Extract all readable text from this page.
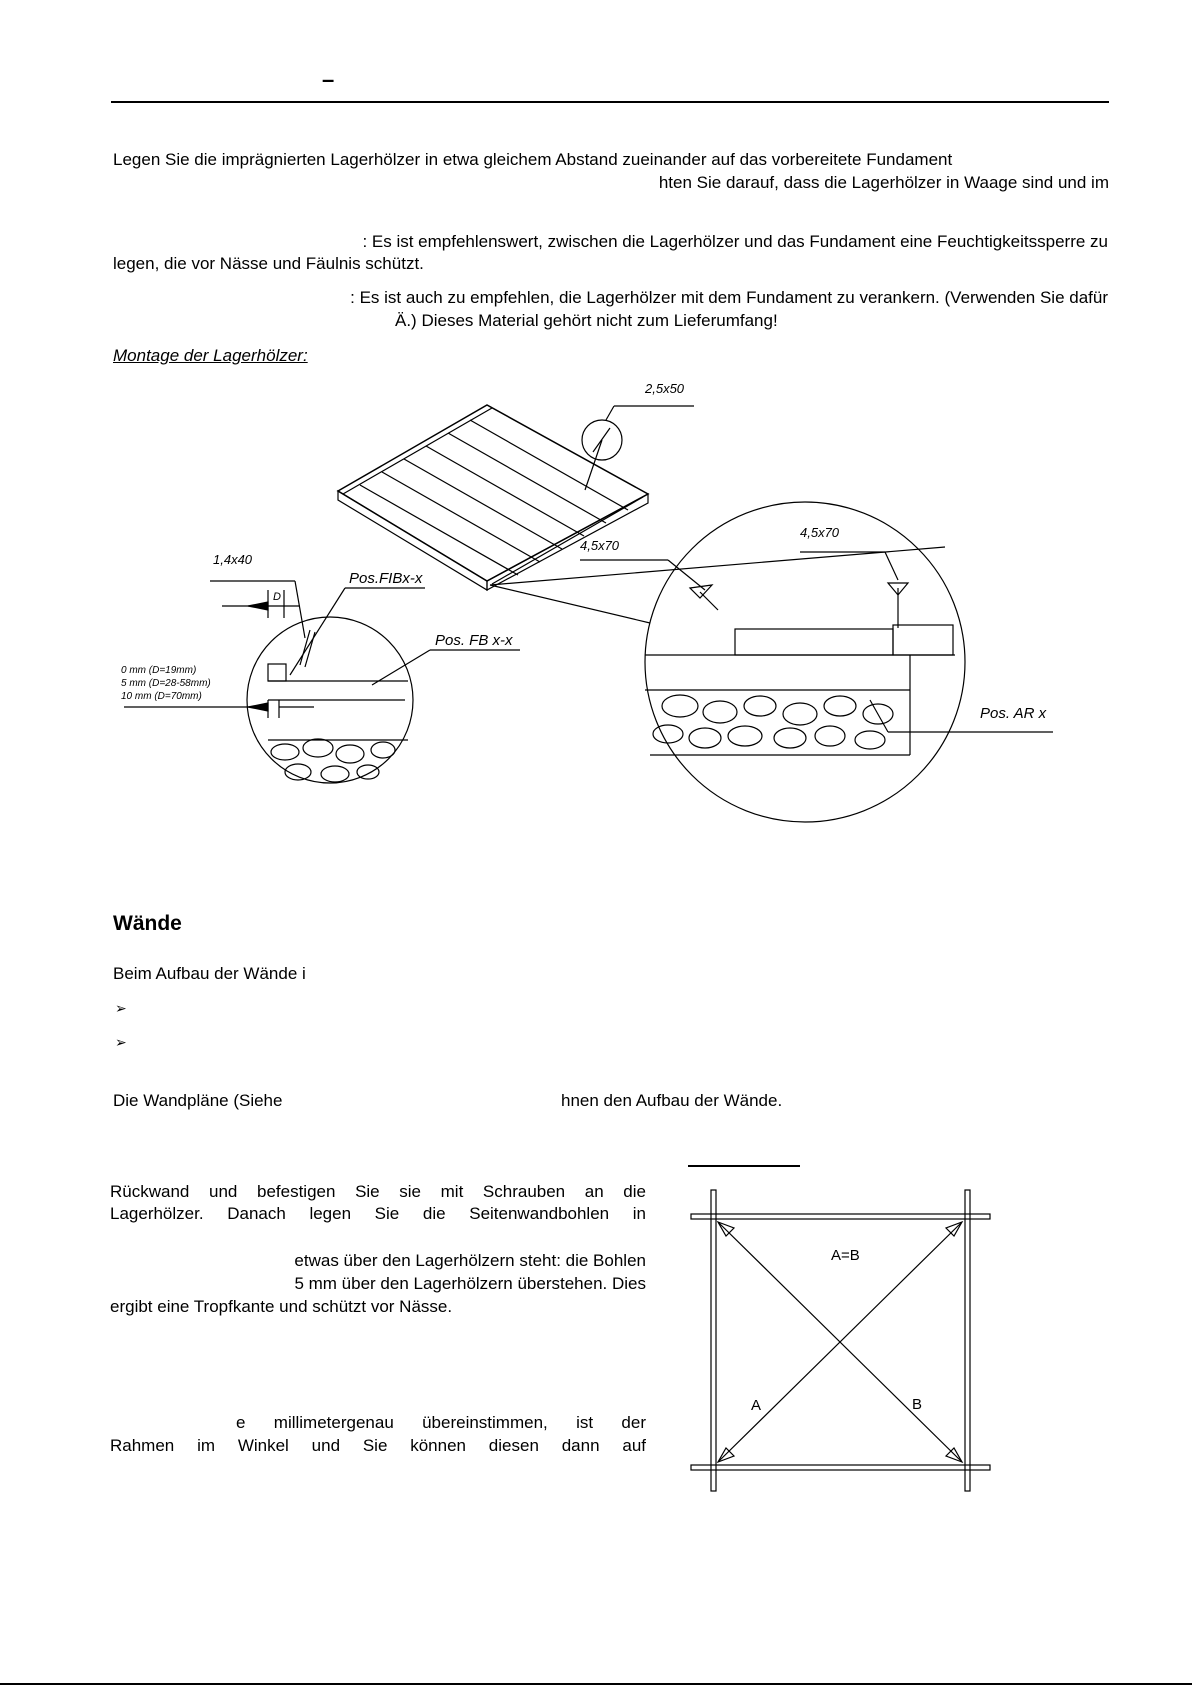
–
Legen Sie die imprägnierten Lagerhölzer in etwa gleichem Abstand zueinander auf das vorbereitete Fundament
hten Sie darauf, dass die Lagerhölzer in Waage sind und im
: Es ist empfehlenswert, zwischen die Lagerhölzer und das Fundament eine Feuchtigkeitssperre zu
legen, die vor Nässe und Fäulnis schützt.
: Es ist auch zu empfehlen, die Lagerhölzer mit dem Fundament zu verankern. (Verwenden Sie dafür
Ä.) Dieses Material gehört nicht zum Lieferumfang!
Montage der Lagerhölzer:
2,5x50
1,4x40
4,5x70
4,5x70
Pos.FIBx-x
Pos. FB x-x
Pos. AR x
D
0 mm (D=19mm)
5 mm (D=28-58mm)
10 mm (D=70mm)
Wände
Beim Aufbau der Wände i
➢
➢
Die Wandpläne (Siehe	hnen den Aufbau der Wände.
Rückwand und befestigen Sie sie mit Schrauben an die
Lagerhölzer. Danach legen Sie die Seitenwandbohlen in
etwas über den Lagerhölzern steht: die Bohlen
5 mm über den Lagerhölzern überstehen. Dies
ergibt eine Tropfkante und schützt vor Nässe.
e millimetergenau übereinstimmen, ist der
Rahmen im Winkel und Sie können diesen dann auf
A=B
A	B
